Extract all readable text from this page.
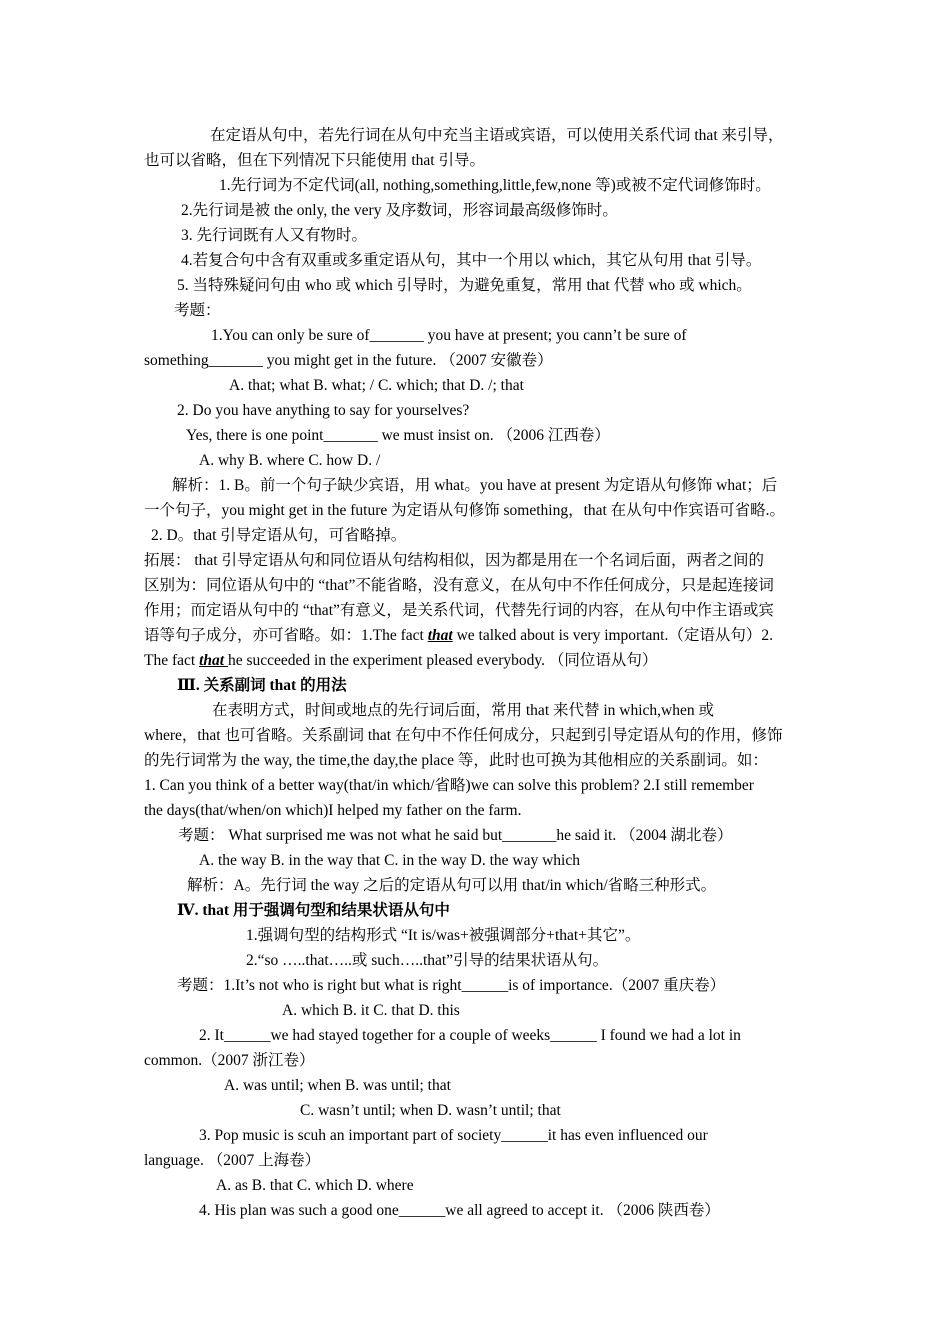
在定语从句中，若先行词在从句中充当主语或宾语，可以使用关系代词 that 来引导，

也可以省略，但在下列情况下只能使用 that 引导。

1.先行词为不定代词(all, nothing,something,little,few,none 等)或被不定代词修饰时。

2.先行词是被 the only, the very 及序数词，形容词最高级修饰时。

3. 先行词既有人又有物时。

4.若复合句中含有双重或多重定语从句，其中一个用以 which，其它从句用 that 引导。

5. 当特殊疑问句由 who 或 which 引导时，为避免重复，常用 that 代替 who 或 which。

考题：

1.You can only be sure of_______ you have at present; you cann’t be sure of

something_______ you might get in the future. （2007 安徽卷）

A. that; what B. what; / C. which; that D. /; that

2. Do you have anything to say for yourselves?

Yes, there is one point_______ we must insist on. （2006 江西卷）

A. why B. where C. how D. /

解析：1. B。前一个句子缺少宾语，用 what。you have at present 为定语从句修饰 what；后

一个句子，you might get in the future 为定语从句修饰 something，that 在从句中作宾语可省略.。

2. D。that 引导定语从句，可省略掉。

拓展： that 引导定语从句和同位语从句结构相似，因为都是用在一个名词后面，两者之间的

区别为：同位语从句中的 “that”不能省略，没有意义，在从句中不作任何成分，只是起连接词

作用；而定语从句中的 “that”有意义，是关系代词，代替先行词的内容，在从句中作主语或宾

语等句子成分，亦可省略。如：1.The fact that we talked about is very important.（定语从句）2.

The fact that he succeeded in the experiment pleased everybody. （同位语从句）

Ⅲ. 关系副词 that 的用法

在表明方式，时间或地点的先行词后面，常用 that 来代替 in which,when 或

where，that 也可省略。关系副词 that 在句中不作任何成分，只起到引导定语从句的作用，修饰

的先行词常为 the way, the time,the day,the place 等，此时也可换为其他相应的关系副词。如：

1. Can you think of a better way(that/in which/省略)we can solve this problem? 2.I still remember

the days(that/when/on which)I helped my father on the farm.

考题： What surprised me was not what he said but_______he said it. （2004 湖北卷）

A. the way B. in the way that C. in the way D. the way which

解析：A。先行词 the way 之后的定语从句可以用 that/in which/省略三种形式。

Ⅳ. that 用于强调句型和结果状语从句中

1.强调句型的结构形式 “It is/was+被强调部分+that+其它”。

2.“so …..that…..或 such…..that”引导的结果状语从句。

考题：1.It’s not who is right but what is right______is of importance.（2007 重庆卷）

A. which B. it C. that D. this

2. It______we had stayed together for a couple of weeks______ I found we had a lot in

common.（2007 浙江卷）

A. was until; when B. was until; that

C. wasn’t until; when D. wasn’t until; that

3. Pop music is scuh an important part of society______it has even influenced our

language. （2007 上海卷）

A. as B. that C. which D. where

4. His plan was such a good one______we all agreed to accept it. （2006 陕西卷）
